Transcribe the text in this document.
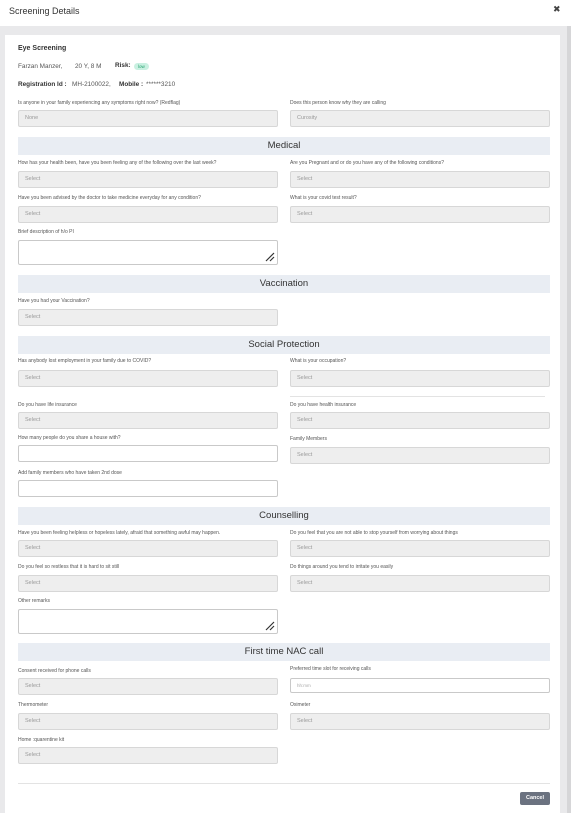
Screening Details	✖
Eye Screening
Farzan Manzer, 20 Y, 8 M Risk:	low
Registration Id : MH-2100022, Mobile : ******3210
Is anyone in your family experiencing any symptoms right now? (Redflag)
None
Does this person know why they are calling
Curosity
Medical
How has your health been, have you been feeling any of the following over the last week?
Select
Are you Pregnant and or do you have any of the following conditions?
Select
Have you been advised by the doctor to take medicine everyday for any condition?
Select
What is your covid test result?
Select
Brief description of h/o PI
Vaccination
Have you had your Vaccination?
Select
Social Protection
Has anybody lost employment in your family due to COVID?
Select
What is your occupation?
Select
Do you have life insurance
Select
Do you have health insurance
Select
How many people do you share a house with?	Family Members
Select
Add family members who have taken 2nd dose
Counselling
Have you been feeling helpless or hopeless lately, afraid that something awful may happen.
Select
Do you feel that you are not able to stop yourself from worrying about things
Select
Do you feel so restless that it is hard to sit still
Select
Do things around you tend to irritate you easily
Select
Other remarks
First time NAC call
Consent received for phone calls
Select
Preferred time slot for receiving calls
hh:mm
Thermometer
Select
Oximeter
Select
Home :quarentine kit
Select
Cancel
